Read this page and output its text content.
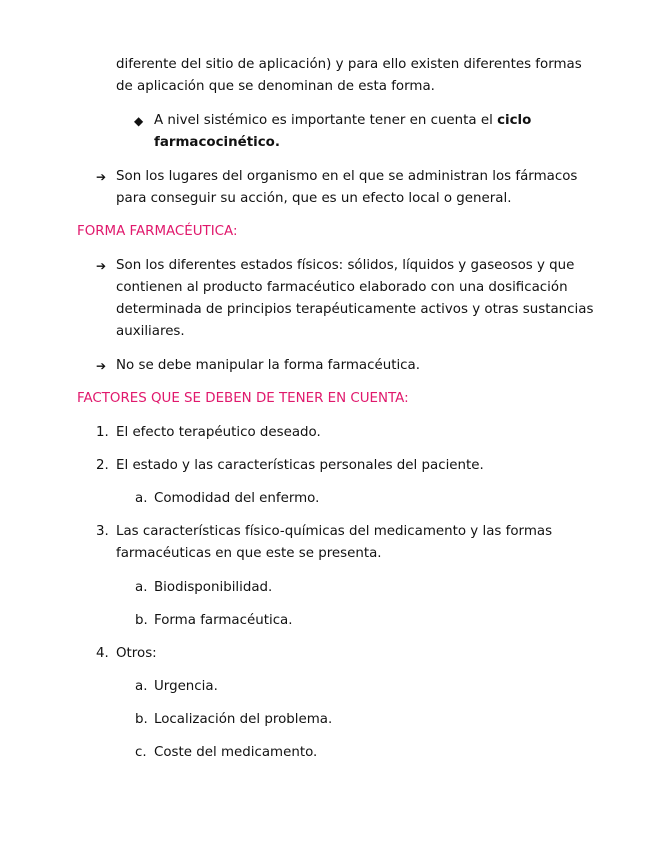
diferente del sitio de aplicación) y para ello existen diferentes formas
de aplicación que se denominan de esta forma.
◆ A nivel sistémico es importante tener en cuenta el ciclo
farmacocinético.
➔ Son los lugares del organismo en el que se administran los fármacos
para conseguir su acción, que es un efecto local o general.
FORMA FARMACÉUTICA:
➔ Son los diferentes estados físicos: sólidos, líquidos y gaseosos y que
contienen al producto farmacéutico elaborado con una dosificación
determinada de principios terapéuticamente activos y otras sustancias
auxiliares.
➔ No se debe manipular la forma farmacéutica.
FACTORES QUE SE DEBEN DE TENER EN CUENTA:
1. El efecto terapéutico deseado.
2. El estado y las características personales del paciente.
a. Comodidad del enfermo.
3. Las características físico-químicas del medicamento y las formas
farmacéuticas en que este se presenta.
a. Biodisponibilidad.
b. Forma farmacéutica.
4. Otros:
a. Urgencia.
b. Localización del problema.
c. Coste del medicamento.
